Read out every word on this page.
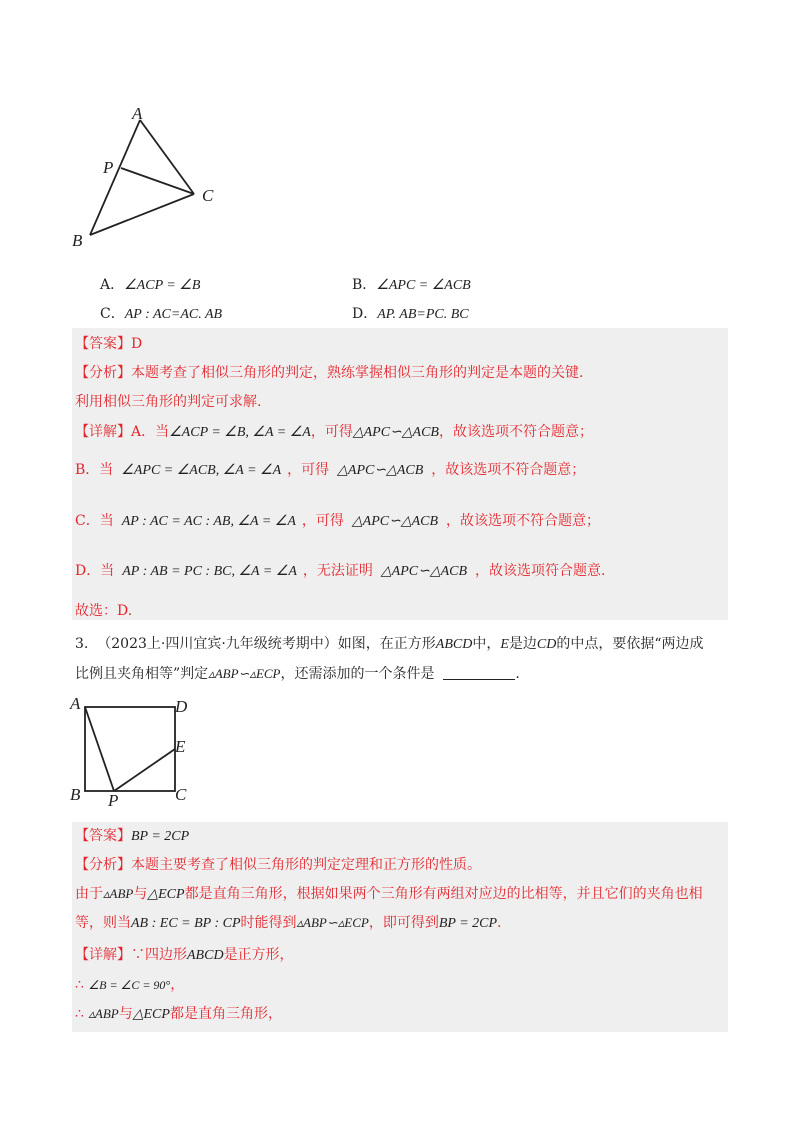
A
P
C
B
A．∠ACP = ∠B	B．∠APC = ∠ACB
C．AP : AC=AC. AB	D．AP. AB=PC. BC
【答案】D
【分析】本题考查了相似三角形的判定，熟练掌握相似三角形的判定是本题的关键.
利用相似三角形的判定可求解.
【详解】A．当∠ACP = ∠B, ∠A = ∠A，可得△APC∽△ACB，故该选项不符合题意；
B．当 ∠APC = ∠ACB, ∠A = ∠A ，可得 △APC∽△ACB ，故该选项不符合题意；
C．当 AP : AC = AC : AB, ∠A = ∠A ，可得 △APC∽△ACB ，故该选项不符合题意；
D．当 AP : AB = PC : BC, ∠A = ∠A ，无法证明 △APC∽△ACB ，故该选项符合题意.
故选：D.
3. （2023上·四川宜宾·九年级统考期中）如图，在正方形ABCD中，E是边CD的中点，要依据“两边成
比例且夹角相等”判定▵ABP∽▵ECP，还需添加的一个条件是	.
A	D
E
B P	C
【答案】BP = 2CP
【分析】本题主要考查了相似三角形的判定定理和正方形的性质。
由于▵ABP与△ECP都是直角三角形，根据如果两个三角形有两组对应边的比相等，并且它们的夹角也相
等，则当AB : EC = BP : CP时能得到▵ABP∽▵ECP，即可得到BP = 2CP.
【详解】∵四边形ABCD是正方形，
∴ ∠B = ∠C = 90°，
∴ ▵ABP与△ECP都是直角三角形，
